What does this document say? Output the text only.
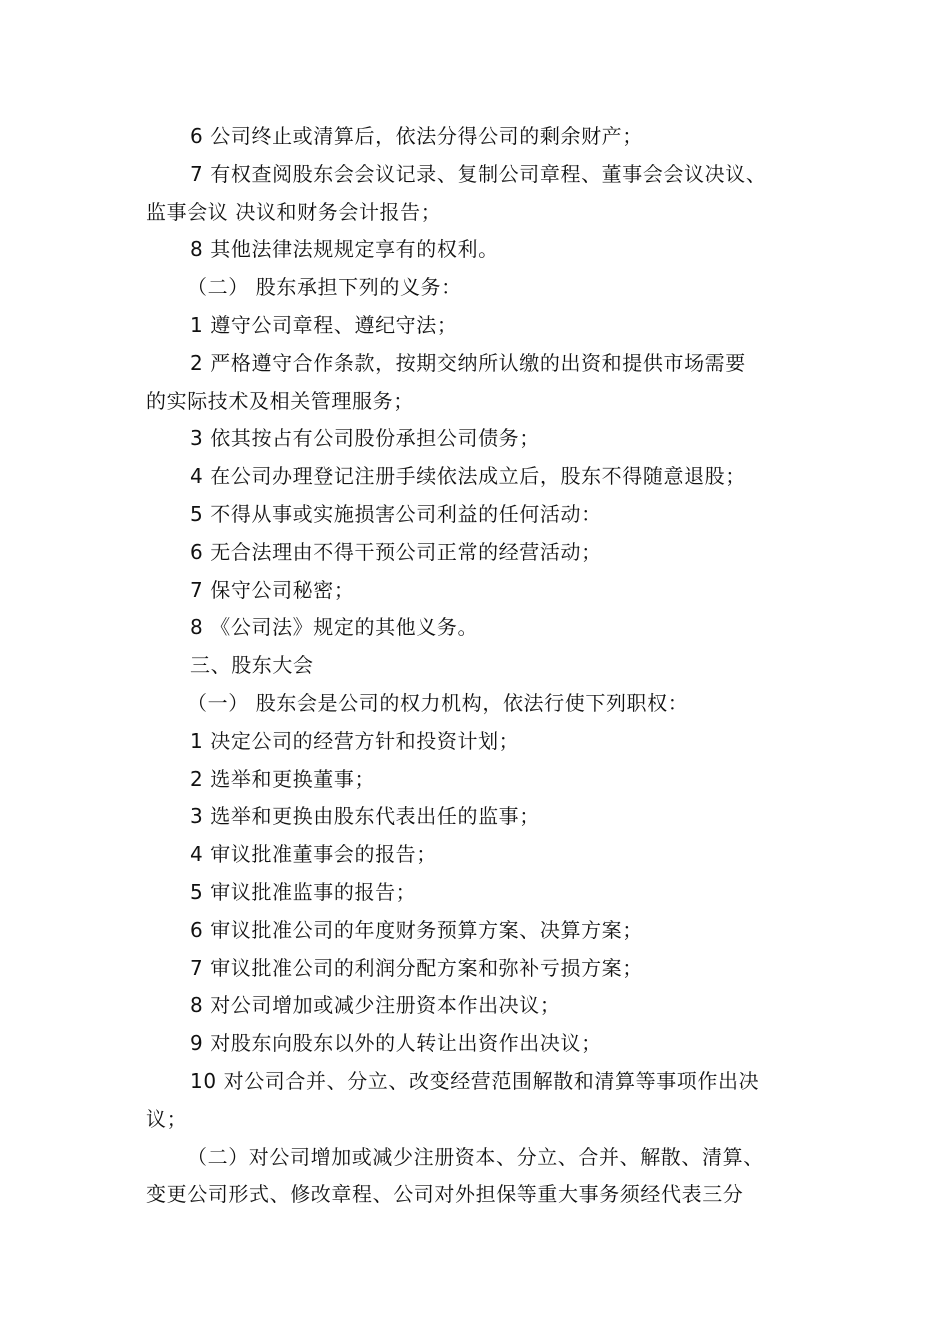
6 公司终止或清算后，依法分得公司的剩余财产；
7 有权查阅股东会会议记录、复制公司章程、董事会会议决议、
监事会议 决议和财务会计报告；
8 其他法律法规规定享有的权利。
（二） 股东承担下列的义务：
1 遵守公司章程、遵纪守法；
2 严格遵守合作条款，按期交纳所认缴的出资和提供市场需要
的实际技术及相关管理服务；
3 依其按占有公司股份承担公司债务；
4 在公司办理登记注册手续依法成立后，股东不得随意退股；
5 不得从事或实施损害公司利益的任何活动：
6 无合法理由不得干预公司正常的经营活动；
7 保守公司秘密；
8 《公司法》规定的其他义务。
三、股东大会
（一） 股东会是公司的权力机构，依法行使下列职权：
1 决定公司的经营方针和投资计划；
2 选举和更换董事；
3 选举和更换由股东代表出任的监事；
4 审议批准董事会的报告；
5 审议批准监事的报告；
6 审议批准公司的年度财务预算方案、决算方案；
7 审议批准公司的利润分配方案和弥补亏损方案；
8 对公司增加或减少注册资本作出决议；
9 对股东向股东以外的人转让出资作出决议；
10 对公司合并、分立、改变经营范围解散和清算等事项作出决
议；
（二）对公司增加或减少注册资本、分立、合并、解散、清算、
变更公司形式、修改章程、公司对外担保等重大事务须经代表三分
